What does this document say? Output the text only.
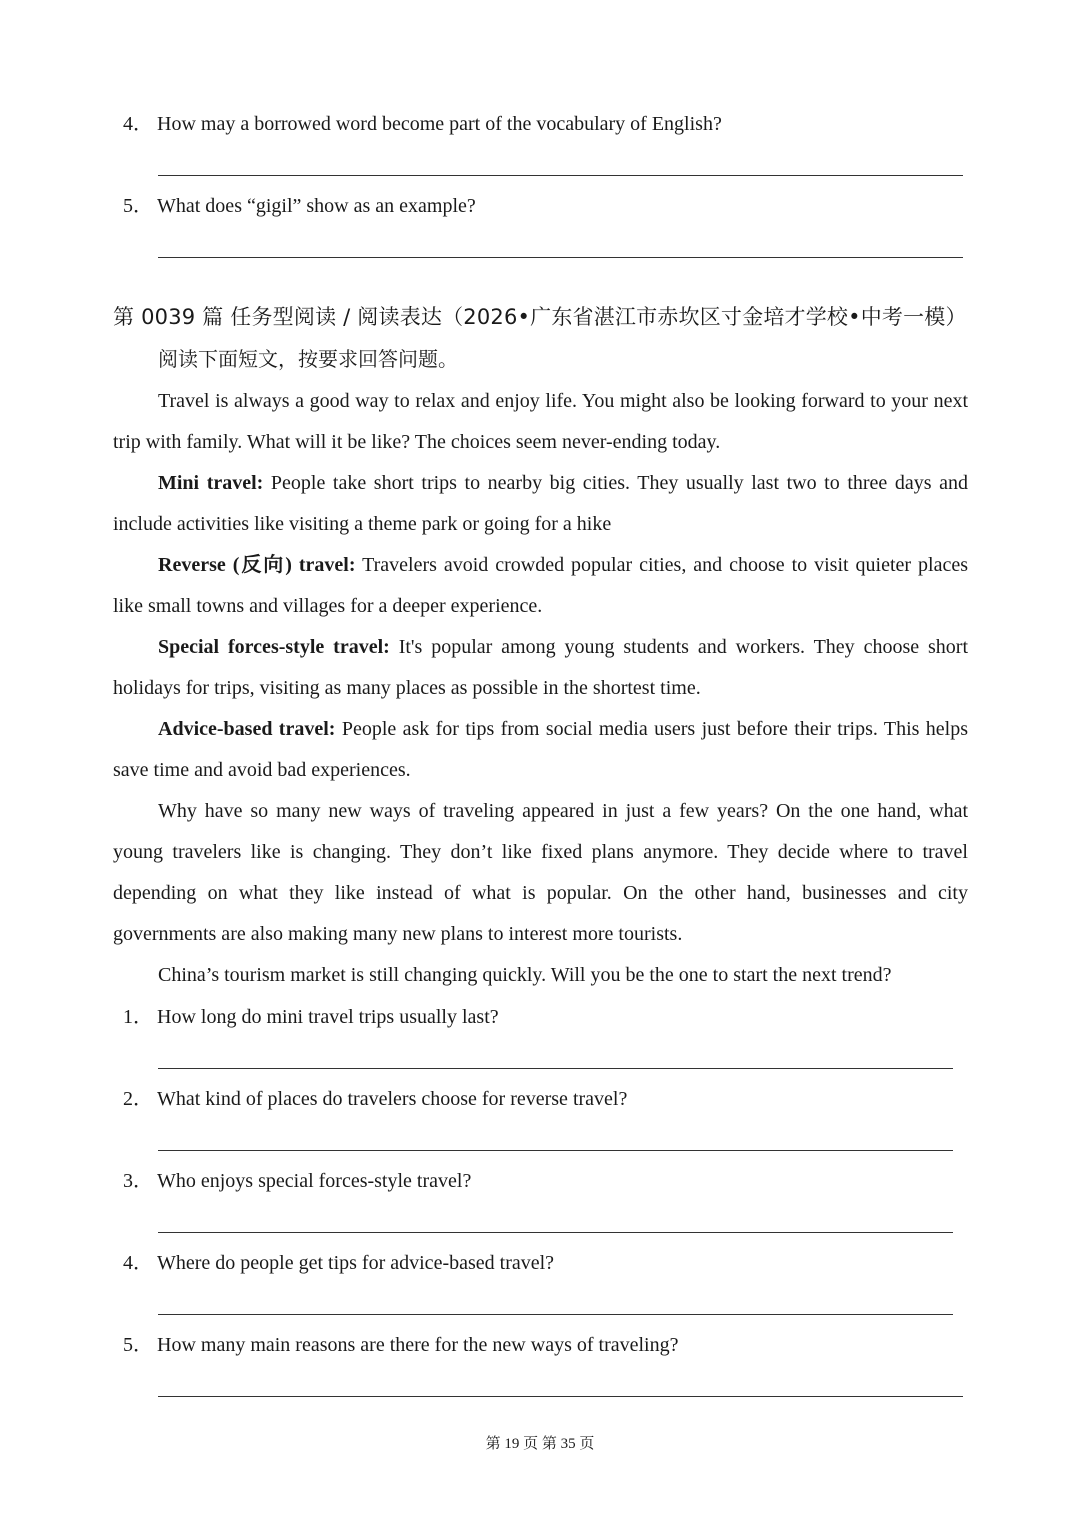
4． How may a borrowed word become part of the vocabulary of English?
5． What does “gigil” show as an example?
第 0039 篇 任务型阅读 / 阅读表达（2026•广东省湛江市赤坎区寸金培才学校•中考一模）
阅读下面短文，按要求回答问题。

Travel is always a good way to relax and enjoy life. You might also be looking forward to your next trip with family. What will it be like? The choices seem never-ending today.

Mini travel: People take short trips to nearby big cities. They usually last two to three days and include activities like visiting a theme park or going for a hike

Reverse (反向) travel: Travelers avoid crowded popular cities, and choose to visit quieter places like small towns and villages for a deeper experience.

Special forces-style travel: It's popular among young students and workers. They choose short holidays for trips, visiting as many places as possible in the shortest time.

Advice-based travel: People ask for tips from social media users just before their trips. This helps save time and avoid bad experiences.

Why have so many new ways of traveling appeared in just a few years? On the one hand, what young travelers like is changing. They don’t like fixed plans anymore. They decide where to travel depending on what they like instead of what is popular. On the other hand, businesses and city governments are also making many new plans to interest more tourists.

China’s tourism market is still changing quickly. Will you be the one to start the next trend?

1． How long do mini travel trips usually last?
2． What kind of places do travelers choose for reverse travel?
3． Who enjoys special forces-style travel?
4． Where do people get tips for advice-based travel?
5． How many main reasons are there for the new ways of traveling?
第 19 页 第 35 页
